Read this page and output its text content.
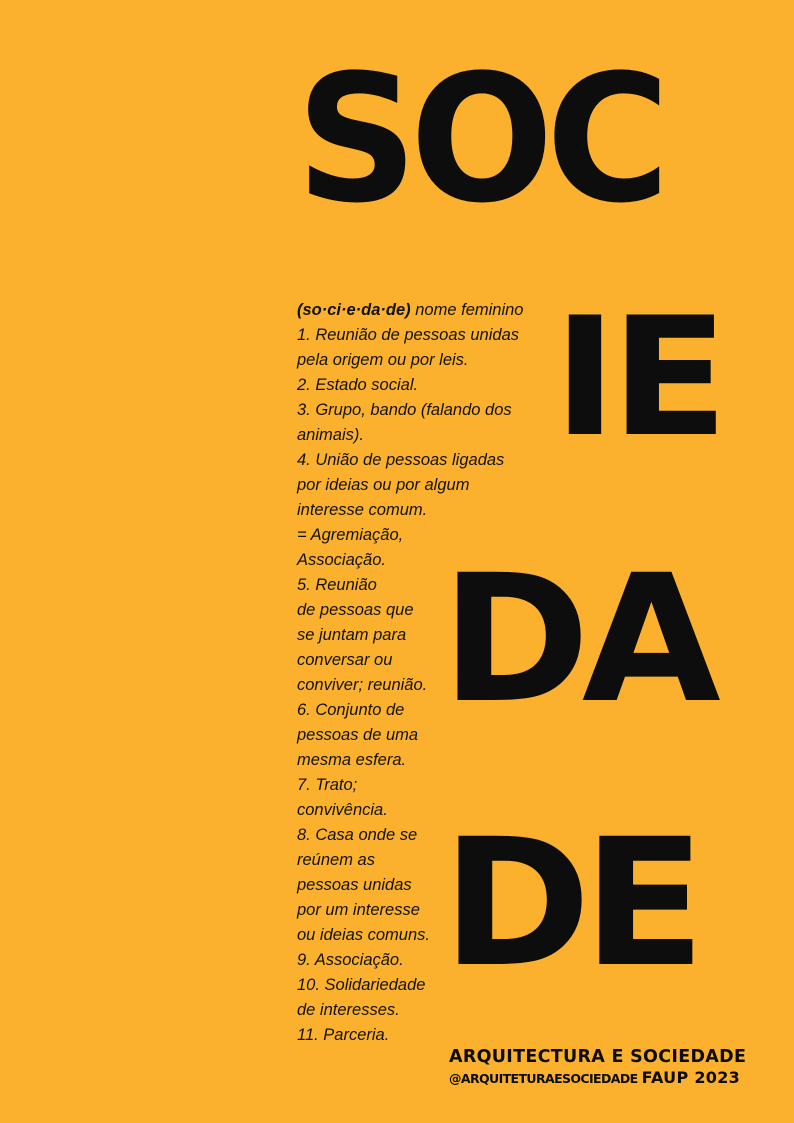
SOC
IE
DA
DE
(so·ci·e·da·de) nome feminino
1. Reunião de pessoas unidas
pela origem ou por leis.
2. Estado social.
3. Grupo, bando (falando dos
animais).
4. União de pessoas ligadas
por ideias ou por algum
interesse comum.
= Agremiação,
Associação.
5. Reunião
de pessoas que
se juntam para
conversar ou
conviver; reunião.
6. Conjunto de
pessoas de uma
mesma esfera.
7. Trato;
convivência.
8. Casa onde se
reúnem as
pessoas unidas
por um interesse
ou ideias comuns.
9. Associação.
10. Solidariedade
de interesses.
11. Parceria.
ARQUITECTURA E SOCIEDADE
@ARQUITETURAESOCIEDADE FAUP 2023
